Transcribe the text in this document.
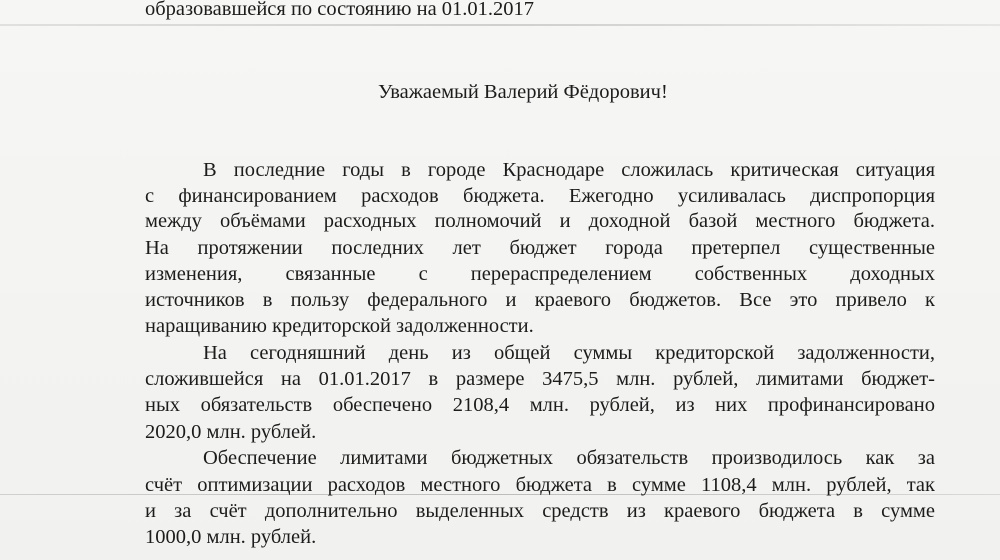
образовавшейся по состоянию на 01.01.2017
Уважаемый Валерий Фёдорович!
В последние годы в городе Краснодаре сложилась критическая ситуация
с финансированием расходов бюджета. Ежегодно усиливалась диспропорция
между объёмами расходных полномочий и доходной базой местного бюджета.
На протяжении последних лет бюджет города претерпел существенные
изменения, связанные с перераспределением собственных доходных
источников в пользу федерального и краевого бюджетов. Все это привело к
наращиванию кредиторской задолженности.
На сегодняшний день из общей суммы кредиторской задолженности,
сложившейся на 01.01.2017 в размере 3475,5 млн. рублей, лимитами бюджет-
ных обязательств обеспечено 2108,4 млн. рублей, из них профинансировано
2020,0 млн. рублей.
Обеспечение лимитами бюджетных обязательств производилось как за
счёт оптимизации расходов местного бюджета в сумме 1108,4 млн. рублей, так
и за счёт дополнительно выделенных средств из краевого бюджета в сумме
1000,0 млн. рублей.
